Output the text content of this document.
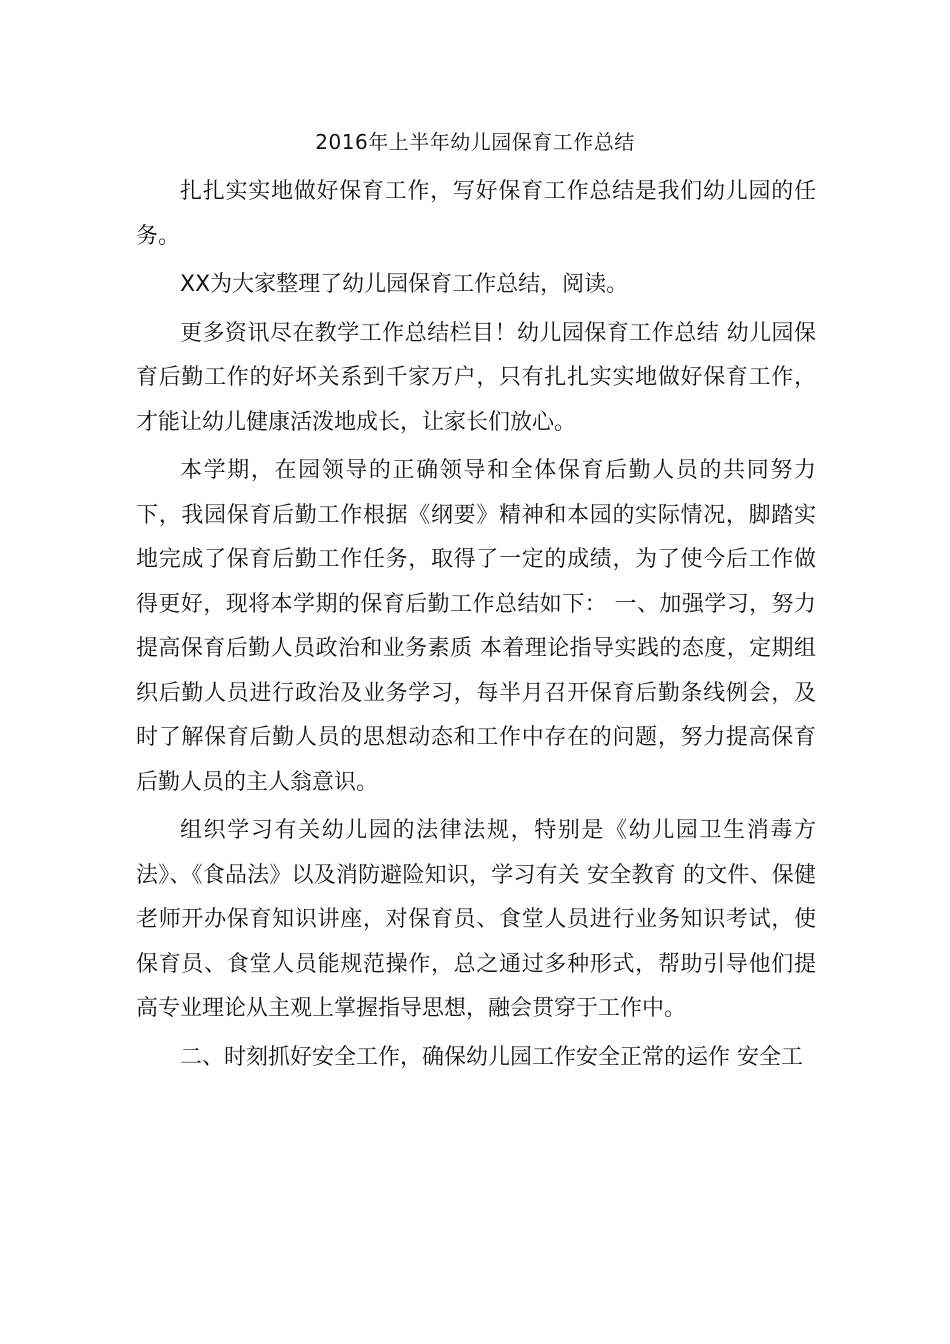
2016年上半年幼儿园保育工作总结

扎扎实实地做好保育工作，写好保育工作总结是我们幼儿园的任务。

XX为大家整理了幼儿园保育工作总结，阅读。

更多资讯尽在教学工作总结栏目！幼儿园保育工作总结 幼儿园保育后勤工作的好坏关系到千家万户，只有扎扎实实地做好保育工作，才能让幼儿健康活泼地成长，让家长们放心。

本学期，在园领导的正确领导和全体保育后勤人员的共同努力下，我园保育后勤工作根据《纲要》精神和本园的实际情况，脚踏实地完成了保育后勤工作任务，取得了一定的成绩，为了使今后工作做得更好，现将本学期的保育后勤工作总结如下： 一、加强学习，努力提高保育后勤人员政治和业务素质 本着理论指导实践的态度，定期组织后勤人员进行政治及业务学习，每半月召开保育后勤条线例会，及时了解保育后勤人员的思想动态和工作中存在的问题，努力提高保育后勤人员的主人翁意识。

组织学习有关幼儿园的法律法规，特别是《幼儿园卫生消毒方法》、《食品法》以及消防避险知识，学习有关 安全教育 的文件、保健老师开办保育知识讲座，对保育员、食堂人员进行业务知识考试，使保育员、食堂人员能规范操作，总之通过多种形式，帮助引导他们提高专业理论从主观上掌握指导思想，融会贯穿于工作中。

二、时刻抓好安全工作，确保幼儿园工作安全正常的运作 安全工
